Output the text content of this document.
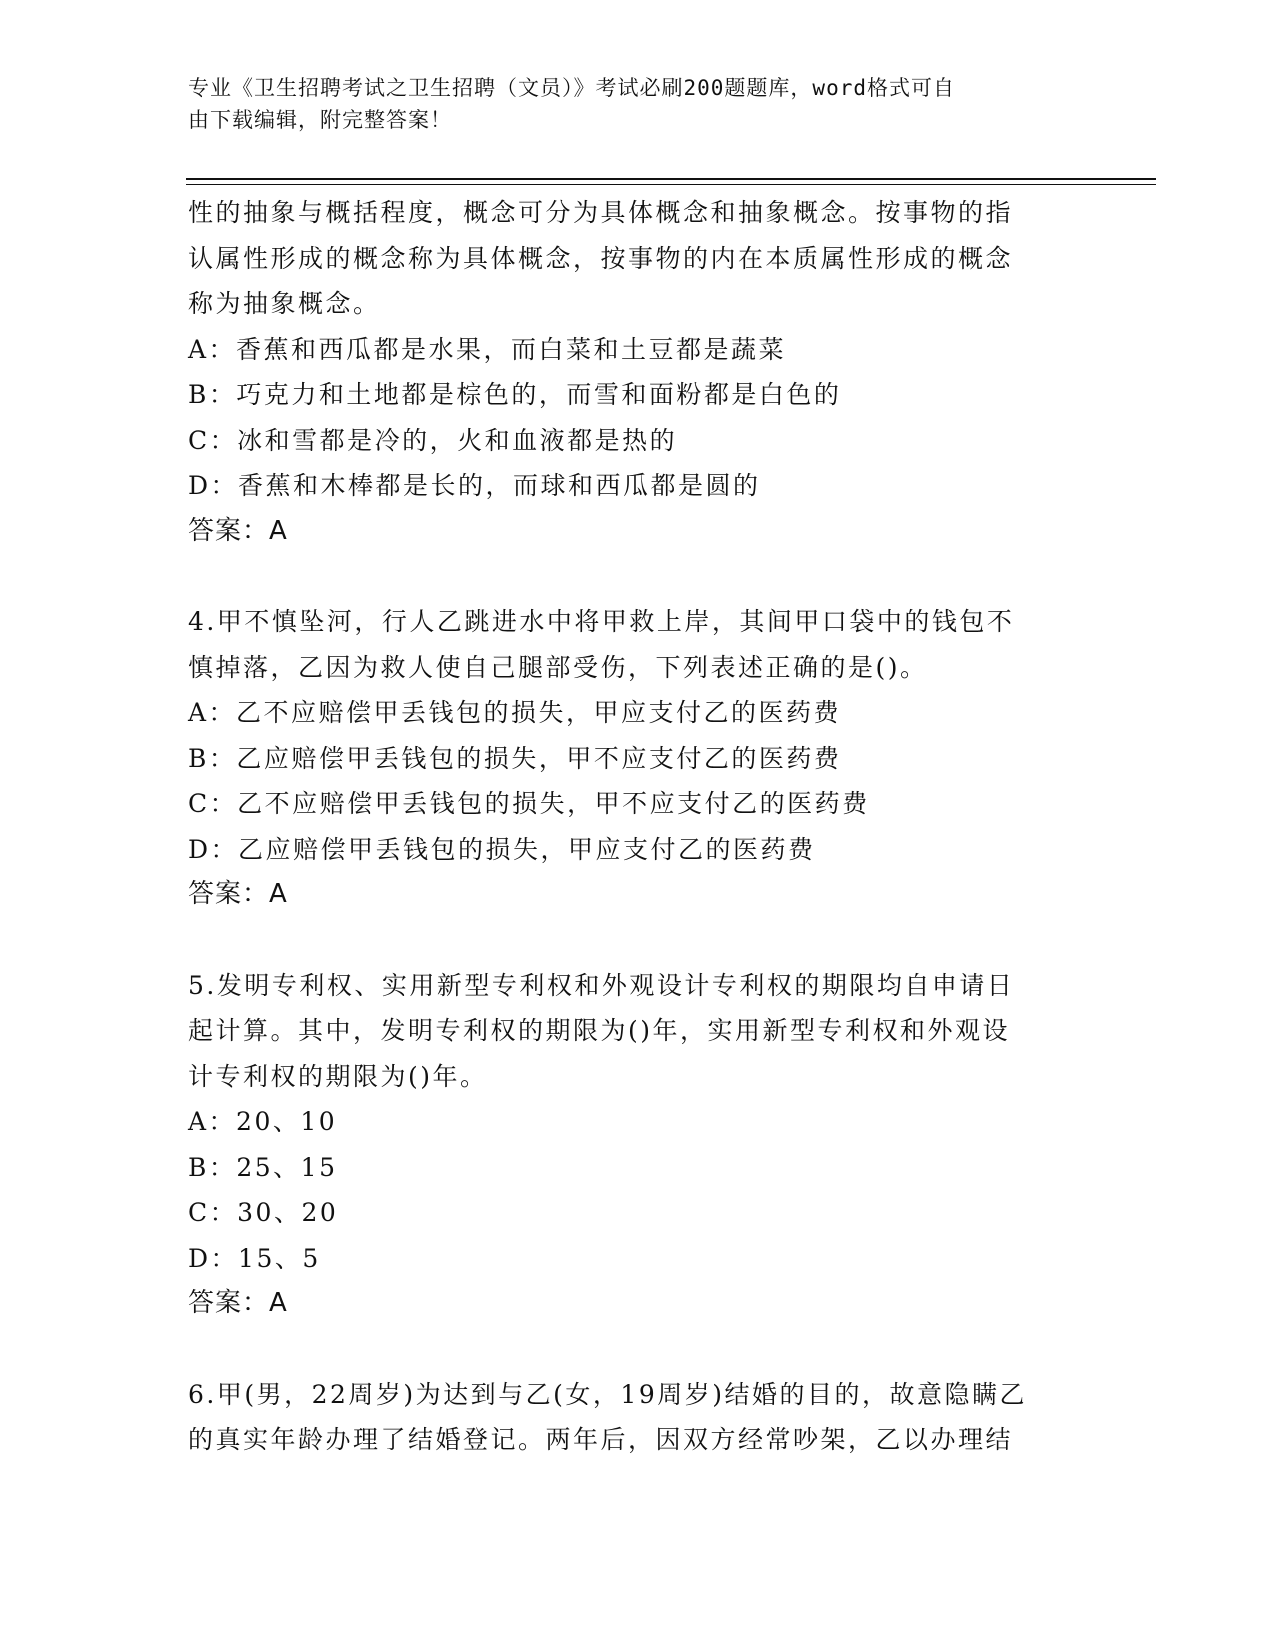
专业《卫生招聘考试之卫生招聘（文员）》考试必刷200题题库，word格式可自
由下载编辑，附完整答案！
性的抽象与概括程度，概念可分为具体概念和抽象概念。按事物的指
认属性形成的概念称为具体概念，按事物的内在本质属性形成的概念
称为抽象概念。
A：香蕉和西瓜都是水果，而白菜和土豆都是蔬菜
B：巧克力和土地都是棕色的，而雪和面粉都是白色的
C：冰和雪都是冷的，火和血液都是热的
D：香蕉和木棒都是长的，而球和西瓜都是圆的
答案：A
4.甲不慎坠河，行人乙跳进水中将甲救上岸，其间甲口袋中的钱包不
慎掉落，乙因为救人使自己腿部受伤，下列表述正确的是()。
A：乙不应赔偿甲丢钱包的损失，甲应支付乙的医药费
B：乙应赔偿甲丢钱包的损失，甲不应支付乙的医药费
C：乙不应赔偿甲丢钱包的损失，甲不应支付乙的医药费
D：乙应赔偿甲丢钱包的损失，甲应支付乙的医药费
答案：A
5.发明专利权、实用新型专利权和外观设计专利权的期限均自申请日
起计算。其中，发明专利权的期限为()年，实用新型专利权和外观设
计专利权的期限为()年。
A：20、10
B：25、15
C：30、20
D：15、5
答案：A
6.甲(男，22周岁)为达到与乙(女，19周岁)结婚的目的，故意隐瞒乙
的真实年龄办理了结婚登记。两年后，因双方经常吵架，乙以办理结
